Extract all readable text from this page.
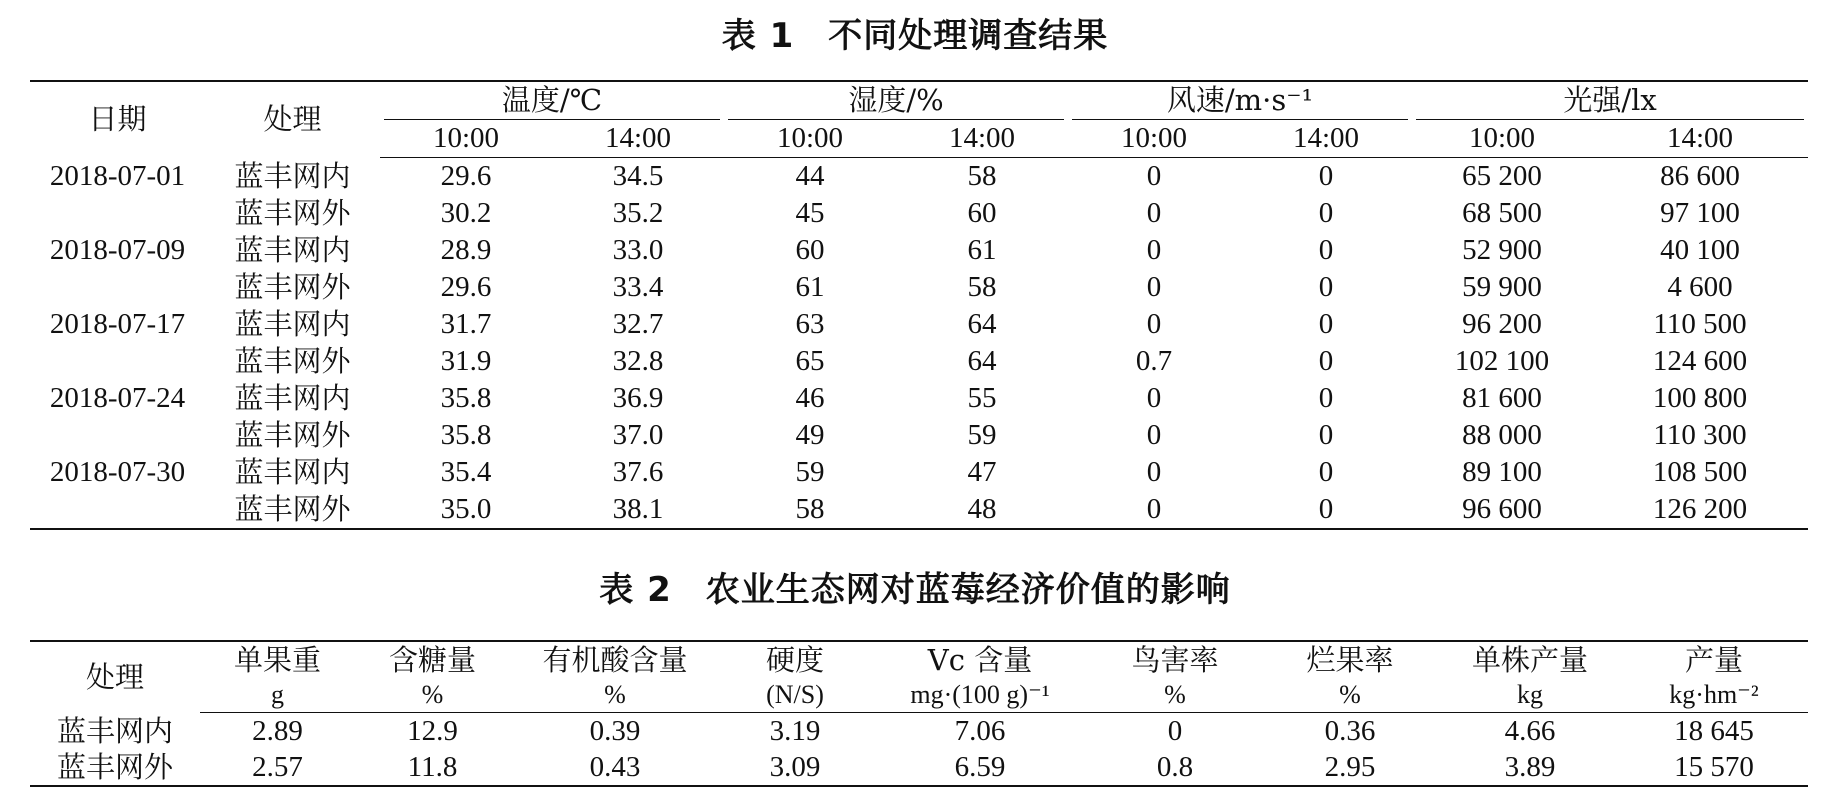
表 1 不同处理调查结果
日期	处理	温度/℃		湿度/%		风速/m·s⁻¹		光强/lx	

		10:00	14:00	10:00	14:00	10:00	14:00	10:00	14:00
2018-07-01	蓝丰网内	29.6	34.5	44	58	0	0	65 200	86 600
	蓝丰网外	30.2	35.2	45	60	0	0	68 500	97 100
2018-07-09	蓝丰网内	28.9	33.0	60	61	0	0	52 900	40 100
	蓝丰网外	29.6	33.4	61	58	0	0	59 900	4 600
2018-07-17	蓝丰网内	31.7	32.7	63	64	0	0	96 200	110 500
	蓝丰网外	31.9	32.8	65	64	0.7	0	102 100	124 600
2018-07-24	蓝丰网内	35.8	36.9	46	55	0	0	81 600	100 800
	蓝丰网外	35.8	37.0	49	59	0	0	88 000	110 300
2018-07-30	蓝丰网内	35.4	37.6	59	47	0	0	89 100	108 500
	蓝丰网外	35.0	38.1	58	48	0	0	96 600	126 200
表 2 农业生态网对蓝莓经济价值的影响
处理	单果重	含糖量	有机酸含量	硬度	Vc 含量	鸟害率	烂果率	单株产量	产量
	g	%	%	(N/S)	mg·(100 g)⁻¹	%	%	kg	kg·hm⁻²
蓝丰网内	2.89	12.9	0.39	3.19	7.06	0	0.36	4.66	18 645
蓝丰网外	2.57	11.8	0.43	3.09	6.59	0.8	2.95	3.89	15 570
